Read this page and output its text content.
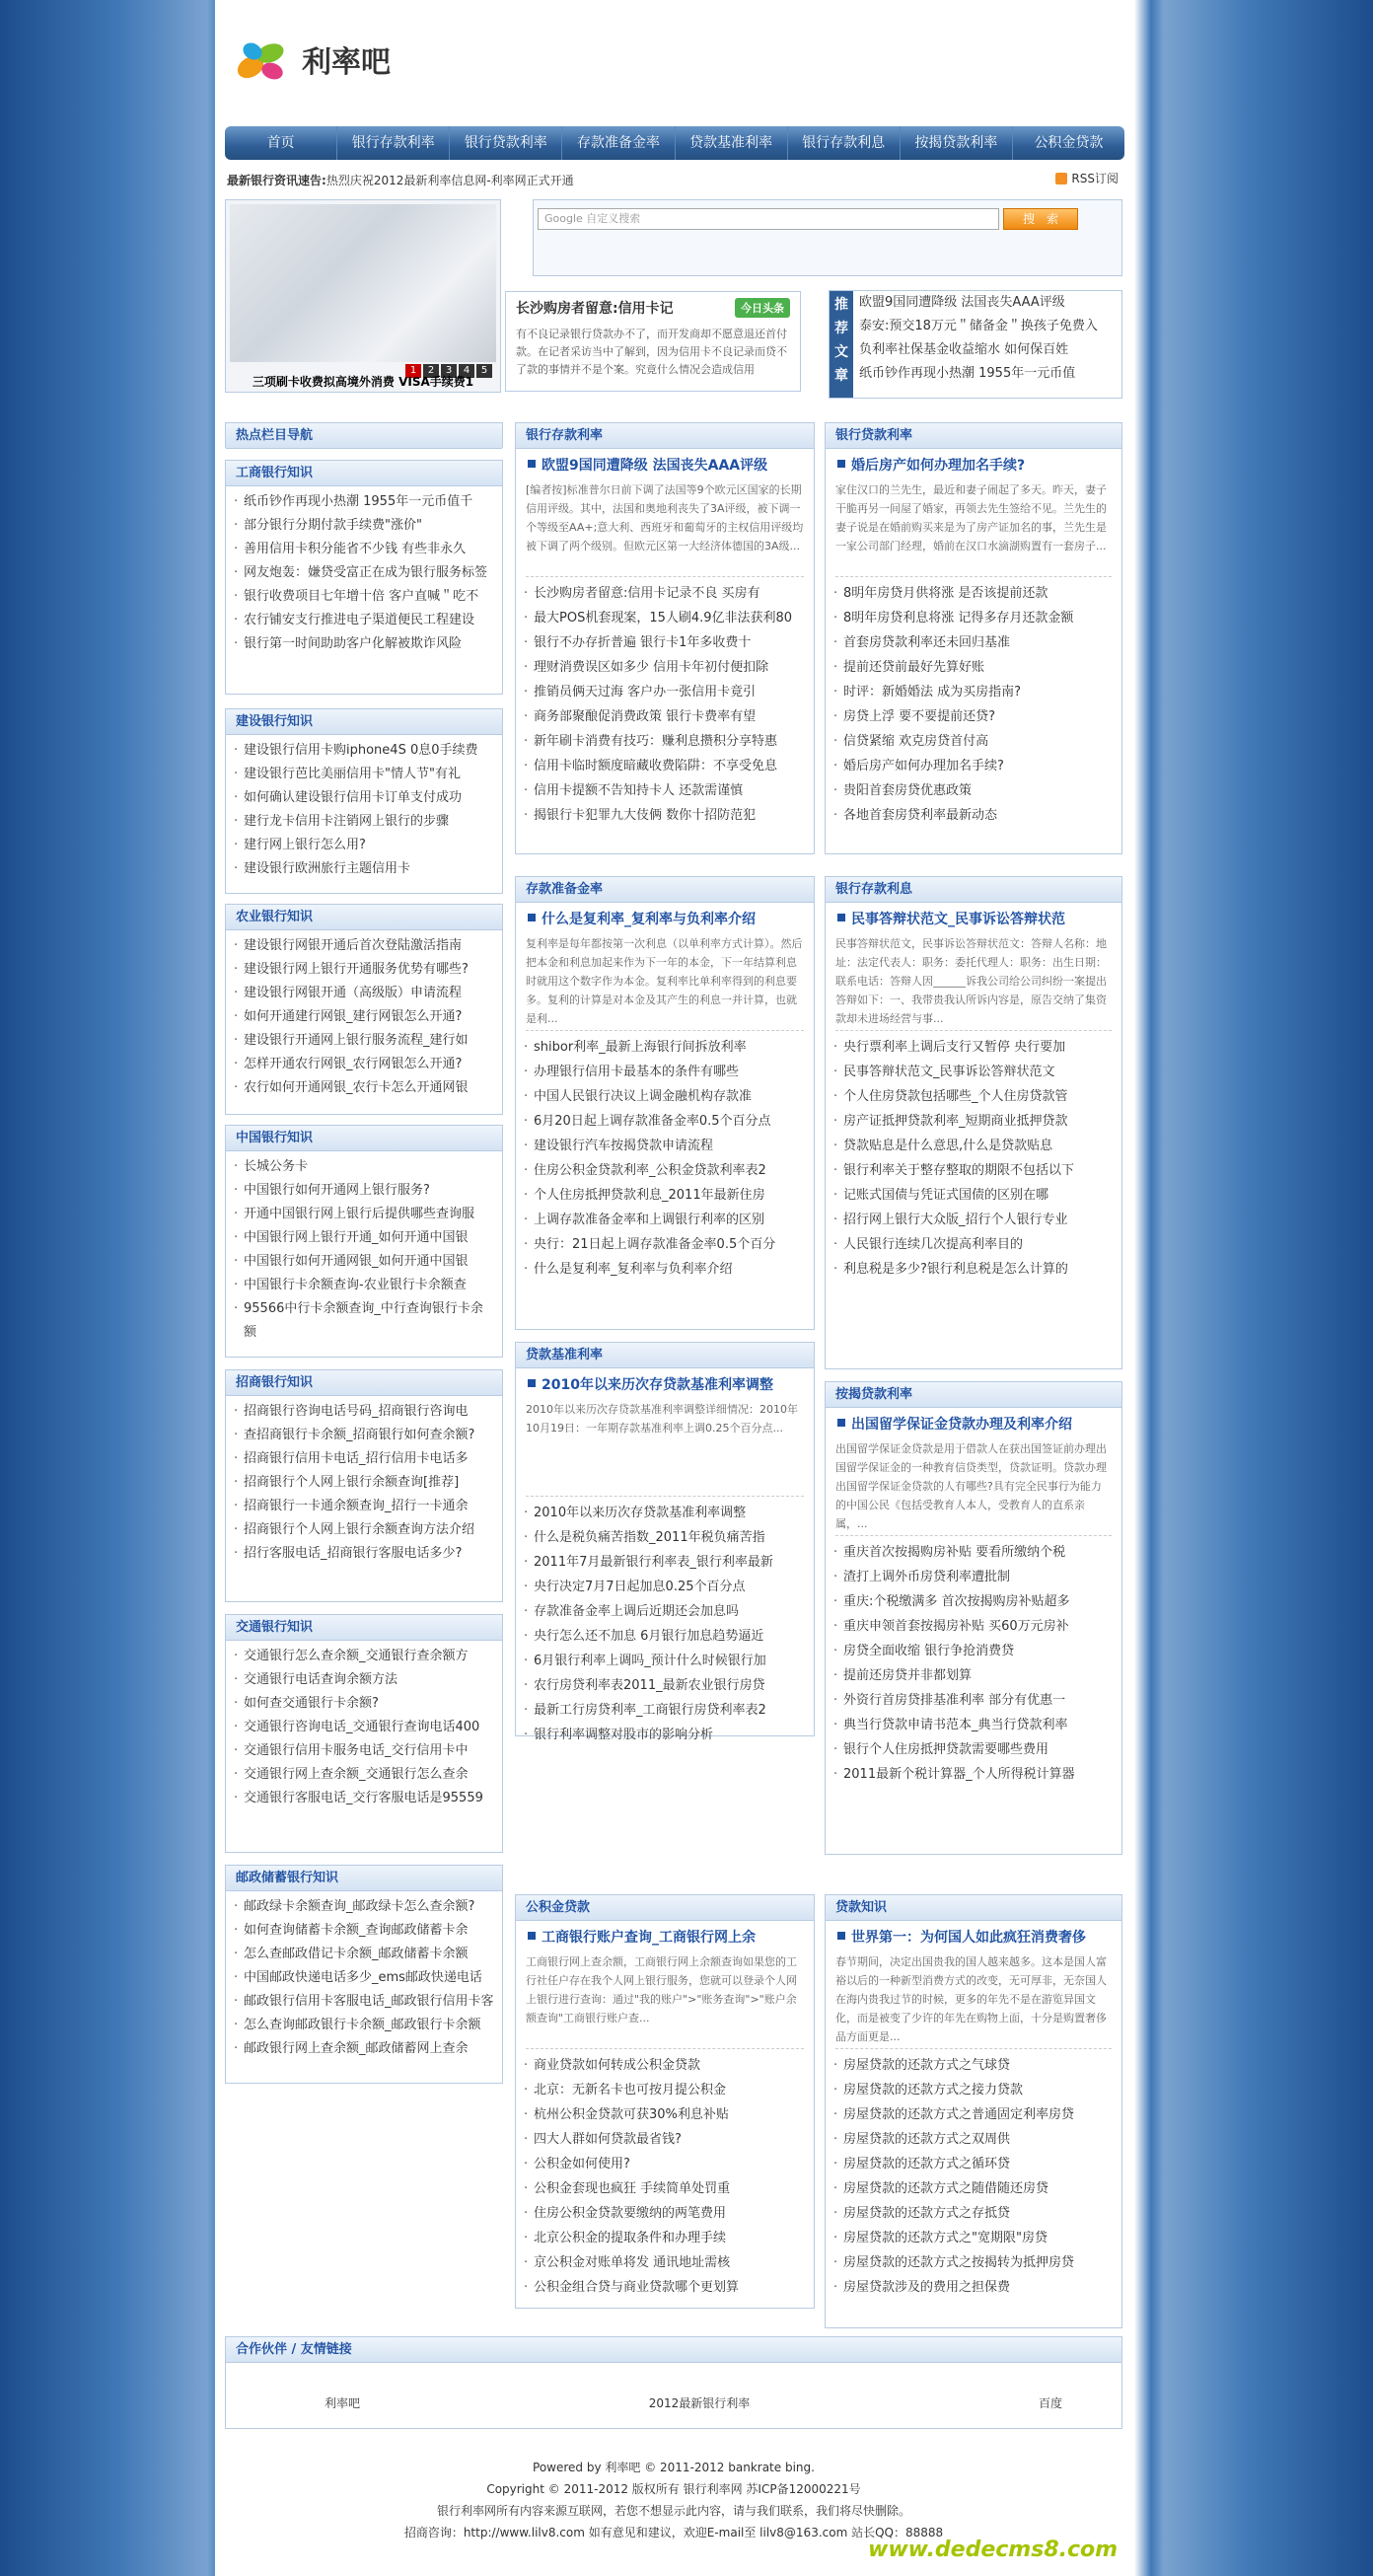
利率吧
首页	银行存款利率	银行贷款利率	存款准备金率	贷款基准利率	银行存款利息	按揭贷款利率	公积金贷款
最新银行资讯速告:热烈庆祝2012最新利率信息网-利率网正式开通	RSS订阅
1	2	3	4	5
三项刷卡收费拟高境外消费 VISA手续费1
Google 自定义搜索	搜　索
长沙购房者留意:信用卡记	今日头条

有不良记录银行贷款办不了，而开发商却不愿意退还首付款。在记者采访当中了解到，因为信用卡不良记录而贷不了款的事情并不是个案。究竟什么情况会造成信用

推
荐
文
章
欧盟9国同遭降级 法国丧失AAA评级
泰安:预交18万元＂储备金＂换孩子免费入
负利率社保基金收益缩水 如何保百姓
纸币钞作再现小热潮 1955年一元币值
热点栏目导航
工商银行知识
· 纸币钞作再现小热潮 1955年一元币值千
· 部分银行分期付款手续费"涨价"
· 善用信用卡积分能省不少钱 有些非永久
· 网友炮轰：嫌贷受富正在成为银行服务标签
· 银行收费项目七年增十倍 客户直喊＂吃不
· 农行铺安支行推进电子渠道便民工程建设
· 银行第一时间助助客户化解被欺诈风险
建设银行知识
· 建设银行信用卡购iphone4S 0息0手续费
· 建设银行芭比美丽信用卡"情人节"有礼
· 如何确认建设银行信用卡订单支付成功
· 建行龙卡信用卡注销网上银行的步骤
· 建行网上银行怎么用?
· 建设银行欧洲旅行主题信用卡
农业银行知识
· 建设银行网银开通后首次登陆激活指南
· 建设银行网上银行开通服务优势有哪些?
· 建设银行网银开通（高级版）申请流程
· 如何开通建行网银_建行网银怎么开通?
· 建设银行开通网上银行服务流程_建行如
· 怎样开通农行网银_农行网银怎么开通?
· 农行如何开通网银_农行卡怎么开通网银
中国银行知识
· 长城公务卡
· 中国银行如何开通网上银行服务?
· 开通中国银行网上银行后提供哪些查询服
· 中国银行网上银行开通_如何开通中国银
· 中国银行如何开通网银_如何开通中国银
· 中国银行卡余额查询-农业银行卡余额查
· 95566中行卡余额查询_中行查询银行卡余额
招商银行知识
· 招商银行咨询电话号码_招商银行咨询电
· 查招商银行卡余额_招商银行如何查余额?
· 招商银行信用卡电话_招行信用卡电话多
· 招商银行个人网上银行余额查询[推荐]
· 招商银行一卡通余额查询_招行一卡通余
· 招商银行个人网上银行余额查询方法介绍
· 招行客服电话_招商银行客服电话多少?
交通银行知识
· 交通银行怎么查余额_交通银行查余额方
· 交通银行电话查询余额方法
· 如何查交通银行卡余额?
· 交通银行咨询电话_交通银行查询电话400
· 交通银行信用卡服务电话_交行信用卡中
· 交通银行网上查余额_交通银行怎么查余
· 交通银行客服电话_交行客服电话是95559
邮政储蓄银行知识
· 邮政绿卡余额查询_邮政绿卡怎么查余额?
· 如何查询储蓄卡余额_查询邮政储蓄卡余
· 怎么查邮政借记卡余额_邮政储蓄卡余额
· 中国邮政快递电话多少_ems邮政快递电话
· 邮政银行信用卡客服电话_邮政银行信用卡客
· 怎么查询邮政银行卡余额_邮政银行卡余额
· 邮政银行网上查余额_邮政储蓄网上查余
银行存款利率
欧盟9国同遭降级 法国丧失AAA评级

[编者按]标准普尔日前下调了法国等9个欧元区国家的长期信用评级。其中，法国和奥地利丧失了3A评级，被下调一个等级至AA+;意大利、西班牙和葡萄牙的主权信用评级均被下调了两个级别。但欧元区第一大经济体德国的3A级...

· 长沙购房者留意:信用卡记录不良 买房有
· 最大POS机套现案，15人刷4.9亿非法获利80
· 银行不办存折普遍 银行卡1年多收费十
· 理财消费误区如多少 信用卡年初付便扣除
· 推销员俩天过海 客户办一张信用卡竟引
· 商务部聚酿促消费政策 银行卡费率有望
· 新年刷卡消费有技巧：赚利息攒积分享特惠
· 信用卡临时额度暗藏收费陷阱：不享受免息
· 信用卡提额不告知持卡人 还款需谨慎
· 揭银行卡犯罪九大伎俩 数你十招防范犯
银行贷款利率
婚后房产如何办理加名手续?

家住汉口的兰先生，最近和妻子闹起了多天。昨天，妻子干脆再另一间屋了婚家，再领去先生签给不见。兰先生的妻子说是在婚前购买来是为了房产证加名的事，兰先生是一家公司部门经理，婚前在汉口水滴湖购置有一套房子...

· 8明年房贷月供将涨 是否该提前还款
· 8明年房贷利息将涨 记得多存月还款金额
· 首套房贷款利率还未回归基准
· 提前还贷前最好先算好账
· 时评：新婚婚法 成为买房指南?
· 房贷上浮 要不要提前还贷?
· 信贷紧缩 欢克房贷首付高
· 婚后房产如何办理加名手续?
· 贵阳首套房贷优惠政策
· 各地首套房贷利率最新动态
存款准备金率
什么是复利率_复利率与负利率介绍

复利率是每年都按第一次利息（以单利率方式计算）。然后把本金和利息加起来作为下一年的本金，下一年结算利息时就用这个数字作为本金。复利率比单利率得到的利息要多。复利的计算是对本金及其产生的利息一并计算，也就是利...

· shibor利率_最新上海银行间拆放利率
· 办理银行信用卡最基本的条件有哪些
· 中国人民银行决议上调金融机构存款准
· 6月20日起上调存款准备金率0.5个百分点
· 建设银行汽车按揭贷款申请流程
· 住房公积金贷款利率_公积金贷款利率表2
· 个人住房抵押贷款利息_2011年最新住房
· 上调存款准备金率和上调银行利率的区别
· 央行：21日起上调存款准备金率0.5个百分
· 什么是复利率_复利率与负利率介绍
银行存款利息
民事答辩状范文_民事诉讼答辩状范

民事答辩状范文，民事诉讼答辩状范文：答辩人名称：地址：法定代表人：职务：委托代理人：职务：出生日期：联系电话：答辩人因______诉我公司给公司纠纷一案提出答辩如下：一、我带贵我认所诉内容是，原告交纳了集资款却未进场经营与事...

· 央行票利率上调后支行又暂停 央行要加
· 民事答辩状范文_民事诉讼答辩状范文
· 个人住房贷款包括哪些_个人住房贷款管
· 房产证抵押贷款利率_短期商业抵押贷款
· 贷款贴息是什么意思,什么是贷款贴息
· 银行利率关于整存整取的期限不包括以下
· 记账式国债与凭证式国债的区别在哪
· 招行网上银行大众版_招行个人银行专业
· 人民银行连续几次提高利率目的
· 利息税是多少?银行利息税是怎么计算的
贷款基准利率
2010年以来历次存贷款基准利率调整

2010年以来历次存贷款基准利率调整详细情况：2010年10月19日：一年期存款基准利率上调0.25个百分点...

· 2010年以来历次存贷款基准利率调整
· 什么是税负痛苦指数_2011年税负痛苦指
· 2011年7月最新银行利率表_银行利率最新
· 央行决定7月7日起加息0.25个百分点
· 存款准备金率上调后近期还会加息吗
· 央行怎么还不加息 6月银行加息趋势逼近
· 6月银行利率上调吗_预计什么时候银行加
· 农行房贷利率表2011_最新农业银行房贷
· 最新工行房贷利率_工商银行房贷利率表2
· 银行利率调整对股市的影响分析
按揭贷款利率
出国留学保证金贷款办理及利率介绍

出国留学保证金贷款是用于借款人在获出国签证前办理出国留学保证金的一种教育信贷类型，贷款证明。贷款办理出国留学保证金贷款的人有哪些?具有完全民事行为能力的中国公民《包括受教育人本人，受教育人的直系亲属，...

· 重庆首次按揭购房补贴 要看所缴纳个税
· 渣打上调外币房贷利率遭批制
· 重庆:个税缴满多 首次按揭购房补贴超多
· 重庆申领首套按揭房补贴 买60万元房补
· 房贷全面收缩 银行争抢消费贷
· 提前还房贷并非都划算
· 外资行首房贷排基准利率 部分有优惠一
· 典当行贷款申请书范本_典当行贷款利率
· 银行个人住房抵押贷款需要哪些费用
· 2011最新个税计算器_个人所得税计算器
公积金贷款
工商银行账户查询_工商银行网上余

工商银行网上查余额，工商银行网上余额查询如果您的工行社任户存在我个人网上银行服务，您就可以登录个人网上银行进行查询：通过"我的账户">"账务查询">"账户余额查询"工商银行账户查...

· 商业贷款如何转成公积金贷款
· 北京：无新名卡也可按月提公积金
· 杭州公积金贷款可获30%利息补贴
· 四大人群如何贷款最省钱?
· 公积金如何使用?
· 公积金套现也疯狂 手续简单处罚重
· 住房公积金贷款要缴纳的两笔费用
· 北京公积金的提取条件和办理手续
· 京公积金对账单将发 通讯地址需核
· 公积金组合贷与商业贷款哪个更划算
贷款知识
世界第一：为何国人如此疯狂消费奢侈

春节期间，决定出国贵我的国人越来越多。这本是国人富裕以后的一种新型消费方式的改变，无可厚非，无奈国人在海内贵我过节的时候，更多的年先不是在游览异国文化，而是被变了少许的年先在购物上面，十分是购置奢侈品方面更是...

· 房屋贷款的还款方式之气球贷
· 房屋贷款的还款方式之接力贷款
· 房屋贷款的还款方式之普通固定利率房贷
· 房屋贷款的还款方式之双周供
· 房屋贷款的还款方式之循环贷
· 房屋贷款的还款方式之随借随还房贷
· 房屋贷款的还款方式之存抵贷
· 房屋贷款的还款方式之"宽期限"房贷
· 房屋贷款的还款方式之按揭转为抵押房贷
· 房屋贷款涉及的费用之担保费
合作伙伴 / 友情链接
利率吧	2012最新银行利率	百度
Powered by 利率吧 © 2011-2012 bankrate bing.
Copyright © 2011-2012 版权所有 银行利率网 苏ICP备12000221号
银行利率网所有内容来源互联网，若您不想显示此内容，请与我们联系，我们将尽快删除。
招商咨询：http://www.lilv8.com 如有意见和建议，欢迎E-mail至 lilv8@163.com 站长QQ：88888
www.dedecms8.com
